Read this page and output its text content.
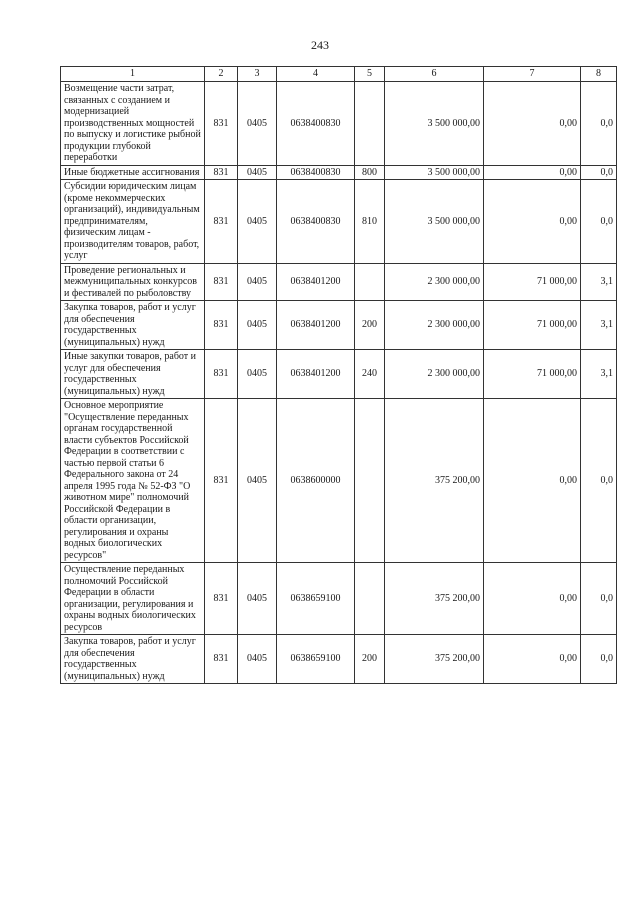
243
1	2	3	4	5	6	7	8
Возмещение части затрат, связанных с созданием и модернизацией производственных мощностей по выпуску и логистике рыбной продукции глубокой переработки	831	0405	0638400830		3 500 000,00	0,00	0,0
Иные бюджетные ассигнования	831	0405	0638400830	800	3 500 000,00	0,00	0,0
Субсидии юридическим лицам (кроме некоммерческих организаций), индивидуальным предпринимателям, физическим лицам - производителям товаров, работ, услуг	831	0405	0638400830	810	3 500 000,00	0,00	0,0
Проведение региональных и межмуниципальных конкурсов и фестивалей по рыболовству	831	0405	0638401200		2 300 000,00	71 000,00	3,1
Закупка товаров, работ и услуг для обеспечения государственных (муниципальных) нужд	831	0405	0638401200	200	2 300 000,00	71 000,00	3,1
Иные закупки товаров, работ и услуг для обеспечения государственных (муниципальных) нужд	831	0405	0638401200	240	2 300 000,00	71 000,00	3,1
Основное мероприятие "Осуществление переданных органам государственной власти субъектов Российской Федерации в соответствии с частью первой статьи 6 Федерального закона от 24 апреля 1995 года № 52-ФЗ "О животном мире" полномочий Российской Федерации в области организации, регулирования и охраны водных биологических ресурсов"	831	0405	0638600000		375 200,00	0,00	0,0
Осуществление переданных полномочий Российской Федерации в области организации, регулирования и охраны водных биологических ресурсов	831	0405	0638659100		375 200,00	0,00	0,0
Закупка товаров, работ и услуг для обеспечения государственных (муниципальных) нужд	831	0405	0638659100	200	375 200,00	0,00	0,0
